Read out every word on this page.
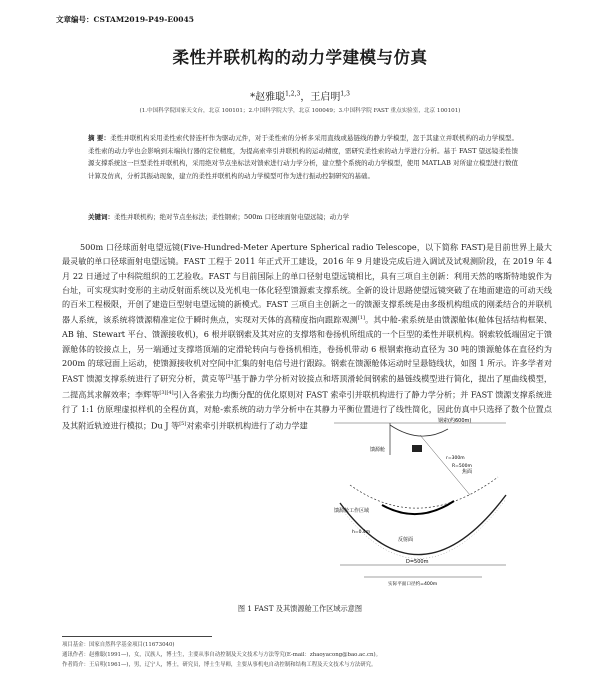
文章编号：CSTAM2019-P49-E0045
柔性并联机构的动力学建模与仿真
*赵雅聪$^{1,2,3}$，王启明$^{1,3}$
(1.中国科学院国家天文台，北京 100101；2.中国科学院大学，北京 100049；3.中国科学院 FAST 重点实验室，北京 100101)
摘 要：柔性并联机构采用柔性索代替连杆作为驱动元件，对于柔性索的分析多采用直线或悬链线的静力学模型，忽于其建立并联机构的动力学模型。柔性索的动力学也会影响到末端执行器的定位精度，为提高索牵引并联机构的运动精度，需研究柔性索的动力学进行分析。基于 FAST 望远镜柔性馈源支撑系统这一巨型柔性并联机构，采用绝对节点坐标法对馈索进行动力学分析，建立整个系统的动力学模型，使用 MATLAB 对所建立模型进行数值计算及仿真，分析其振动现象，建立的柔性并联机构的动力学模型可作为进行振动控制研究的基础。
关键词：柔性并联机构；绝对节点坐标法；柔性钢索；500m 口径球面射电望远镜；动力学
500m 口径球面射电望远镜(Five-Hundred-Meter Aperture Spherical radio Telescope，以下简称 FAST)是目前世界上最大最灵敏的单口径球面射电望远镜。FAST 工程于 2011 年正式开工建设，2016 年 9 月建设完成后进入调试及试观测阶段，在 2019 年 4 月 22 日通过了中科院组织的工艺验收。FAST 与目前国际上的单口径射电望远镜相比，具有三项自主创新：利用天然的喀斯特地貌作为台址，可实现实时变形的主动反射面系统以及光机电一体化轻型馈源索支撑系统。全新的设计思路使望远镜突破了在地面建造的可动天线的百米工程极限，开创了建造巨型射电望远镜的新模式。FAST 三项自主创新之一的馈源支撑系统是由多级机构组成的刚柔结合的并联机器人系统，该系统将馈源精准定位于瞬时焦点，实现对天体的高精度指向跟踪观测[1]。其中舱-索系统是由馈源舱体(舱体包括结构框架、AB 轴、Stewart 平台、馈源接收机)，6 根并联钢索及其对应的支撑塔和卷扬机所组成的一个巨型的柔性并联机构。钢索较低端固定于馈源舱体的铰接点上，另一端通过支撑塔顶端的定滑轮转向与卷扬机相连，卷扬机带动 6 根钢索拖动直径为 30 吨的馈源舱体在直径约为 200m 的球冠面上运动，使馈源接收机对空间中汇集的射电信号进行跟踪。钢索在馈源舱体运动时呈悬链线状，如图 1 所示。许多学者对 FAST 馈源支撑系统进行了研究分析，黄克等[2]基于静力学分析对铰接点和塔顶滑轮间钢索的悬链线模型进行简化，提出了厘曲线模型，二提高其求解效率；李辉等[3][4]引入各索张力均衡分配的优化原则对 FAST 索牵引并联机构进行了静力学分析；并 FAST 馈源支撑系统进行了 1:1 仿原理虚拟样机的全程仿真，对舱-索系统的动力学分析中在其静力平衡位置进行了线性简化，因此仿真中只选择了数个位置点及其附近轨迹进行模拟；Du J 等[5]对索牵引并联机构进行了动力学建	钢索(约600m)
馈源舱
焦面
馈源舱工作区域
反射面
r=300m
R=500m
h=0.4m
D=500m
实际平面口径约=400m
图 1 FAST 及其馈源舱工作区域示意图
项目基金：国家自然科学基金项目(11673040)
通讯作者：赵雅聪(1991—)，女，汉族人，博士生，主要从事自动控制及天文技术与方法等究(E-mail：zhaoyacong@bao.ac.cn)。
作者简介：王启明(1961—)，男，辽宁人，博士，研究员，博士生导师，主要从事机电自动控制和结构工程及天文技术与方法研究。
